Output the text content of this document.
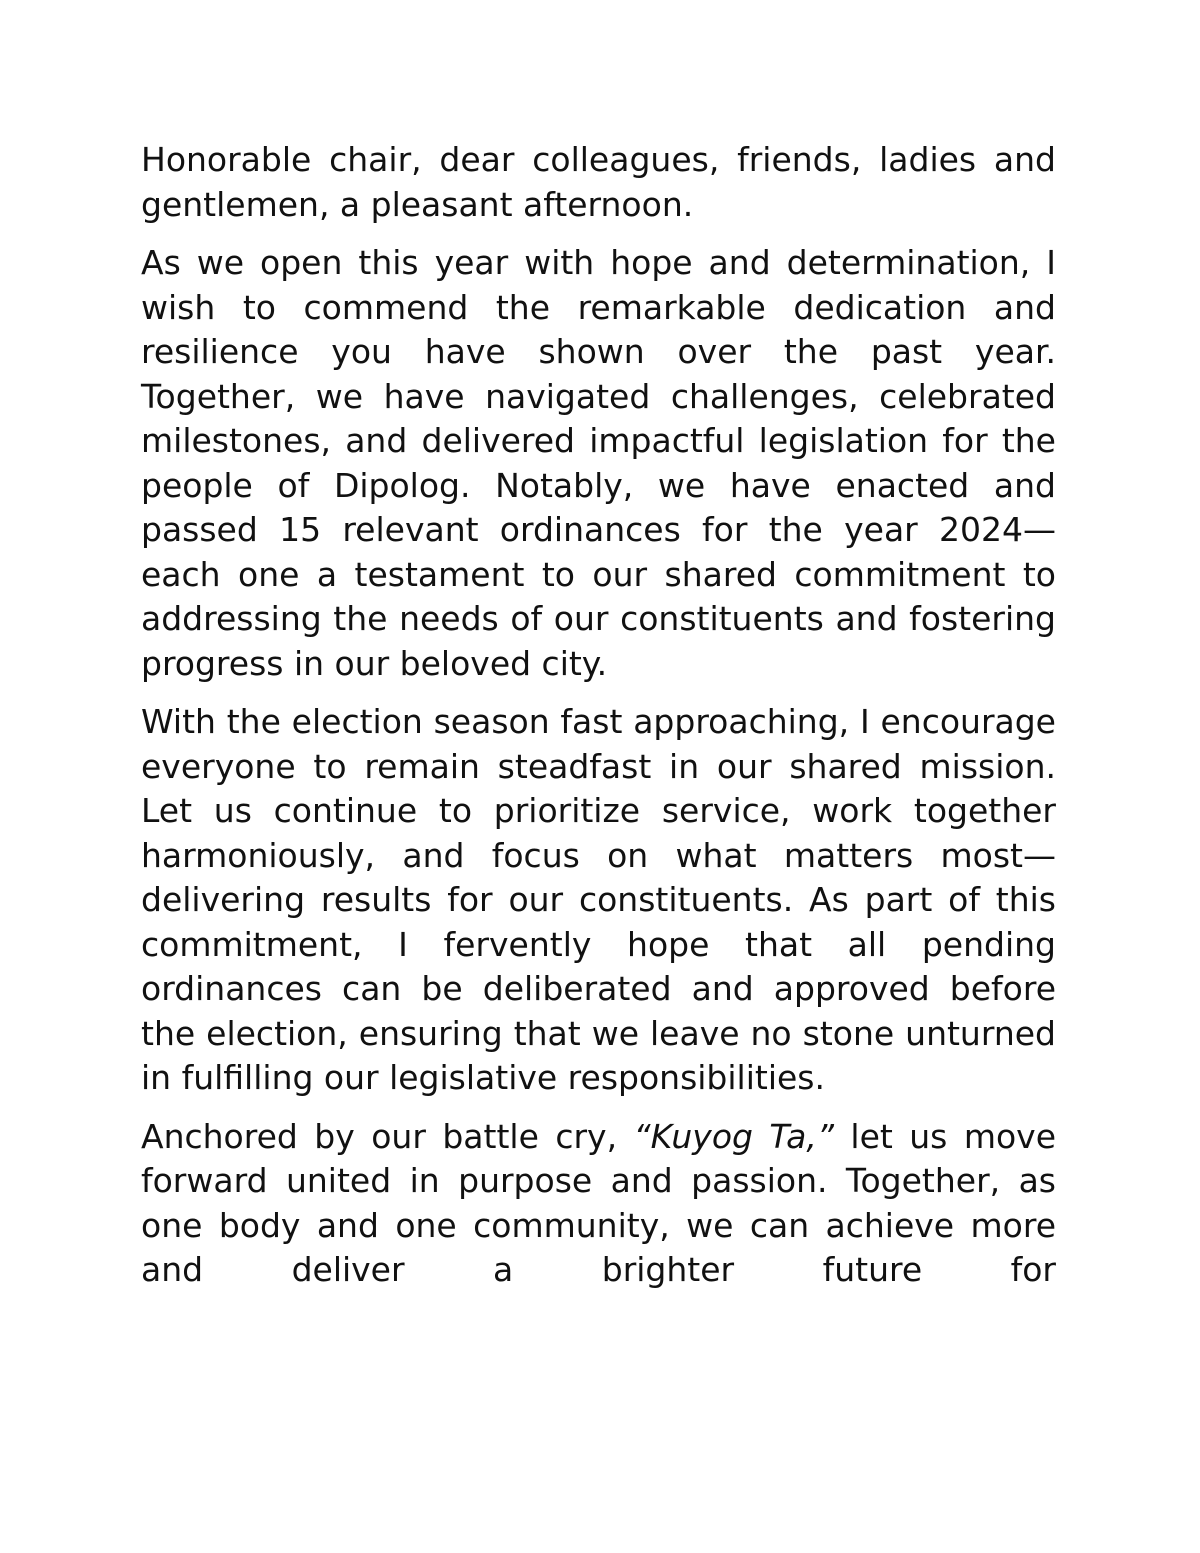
Honorable chair, dear colleagues, friends, ladies and gentlemen, a pleasant afternoon.

As we open this year with hope and determination, I wish to commend the remarkable dedication and resilience you have shown over the past year. Together, we have navigated challenges, celebrated milestones, and delivered impactful legislation for the people of Dipolog. Notably, we have enacted and passed 15 relevant ordinances for the year 2024—each one a testament to our shared commitment to addressing the needs of our constituents and fostering progress in our beloved city.

With the election season fast approaching, I encourage everyone to remain steadfast in our shared mission. Let us continue to prioritize service, work together harmoniously, and focus on what matters most—delivering results for our constituents. As part of this commitment, I fervently hope that all pending ordinances can be deliberated and approved before the election, ensuring that we leave no stone unturned in fulfilling our legislative responsibilities.

Anchored by our battle cry, “Kuyog Ta,” let us move forward united in purpose and passion. Together, as one body and one community, we can achieve more and deliver a brighter future for
